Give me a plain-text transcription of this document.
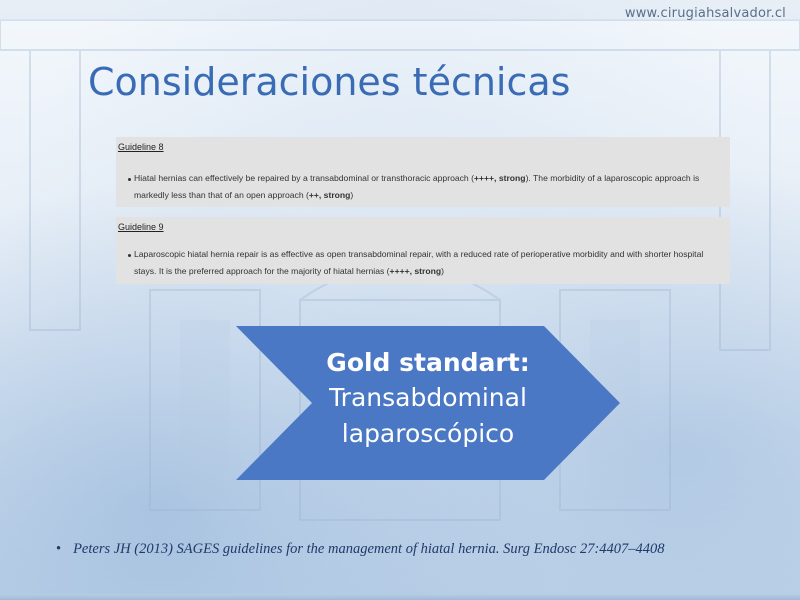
www.cirugiahsalvador.cl
Consideraciones técnicas
Guideline 8
Hiatal hernias can effectively be repaired by a transabdominal or transthoracic approach (++++, strong). The morbidity of a laparoscopic approach is markedly less than that of an open approach (++, strong)
Guideline 9
Laparoscopic hiatal hernia repair is as effective as open transabdominal repair, with a reduced rate of perioperative morbidity and with shorter hospital stays. It is the preferred approach for the majority of hiatal hernias (++++, strong)
Gold standart:
Transabdominal
laparoscópico
• Peters JH (2013) SAGES guidelines for the management of hiatal hernia. Surg Endosc 27:4407–4408
